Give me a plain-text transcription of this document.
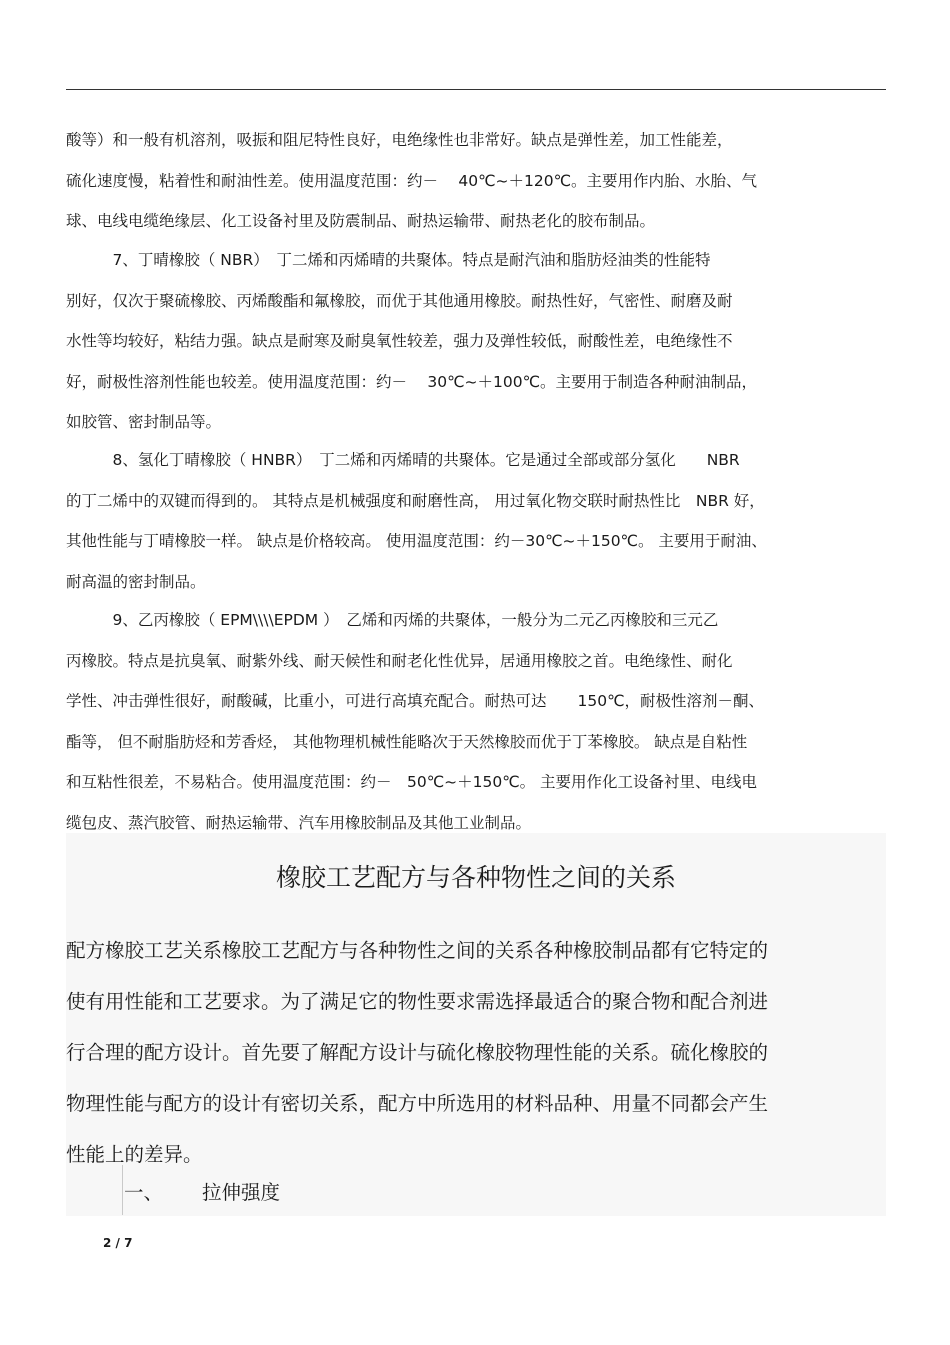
酸等）和一般有机溶剂，吸振和阻尼特性良好，电绝缘性也非常好。缺点是弹性差，加工性能差，
硫化速度慢，粘着性和耐油性差。使用温度范围：约－　 40℃~＋120℃。主要用作内胎、水胎、气
球、电线电缆绝缘层、化工设备衬里及防震制品、耐热运输带、耐热老化的胶布制品。

　　　7、丁晴橡胶（ NBR）　丁二烯和丙烯晴的共聚体。特点是耐汽油和脂肪烃油类的性能特
别好，仅次于聚硫橡胶、丙烯酸酯和氟橡胶，而优于其他通用橡胶。耐热性好，气密性、耐磨及耐
水性等均较好，粘结力强。缺点是耐寒及耐臭氧性较差，强力及弹性较低，耐酸性差，电绝缘性不
好，耐极性溶剂性能也较差。使用温度范围：约－　 30℃~＋100℃。主要用于制造各种耐油制品，
如胶管、密封制品等。

　　　8、氢化丁晴橡胶（ HNBR）　丁二烯和丙烯晴的共聚体。它是通过全部或部分氢化　　NBR
的丁二烯中的双键而得到的。 其特点是机械强度和耐磨性高， 用过氧化物交联时耐热性比　NBR 好，
其他性能与丁晴橡胶一样。 缺点是价格较高。 使用温度范围：约－30℃~＋150℃。 主要用于耐油、
耐高温的密封制品。

　　　9、乙丙橡胶（ EPM\\\\EPDM ）　乙烯和丙烯的共聚体，一般分为二元乙丙橡胶和三元乙
丙橡胶。特点是抗臭氧、耐紫外线、耐天候性和耐老化性优异，居通用橡胶之首。电绝缘性、耐化
学性、冲击弹性很好，耐酸碱，比重小，可进行高填充配合。耐热可达　　150℃，耐极性溶剂－酮、
酯等， 但不耐脂肪烃和芳香烃， 其他物理机械性能略次于天然橡胶而优于丁苯橡胶。 缺点是自粘性
和互粘性很差，不易粘合。使用温度范围：约－　50℃~＋150℃。 主要用作化工设备衬里、电线电
缆包皮、蒸汽胶管、耐热运输带、汽车用橡胶制品及其他工业制品。

橡胶工艺配方与各种物性之间的关系

配方橡胶工艺关系橡胶工艺配方与各种物性之间的关系各种橡胶制品都有它特定的
使有用性能和工艺要求。为了满足它的物性要求需选择最适合的聚合物和配合剂进
行合理的配方设计。首先要了解配方设计与硫化橡胶物理性能的关系。硫化橡胶的
物理性能与配方的设计有密切关系，配方中所选用的材料品种、用量不同都会产生
性能上的差异。

一、 拉伸强度
2 / 7
